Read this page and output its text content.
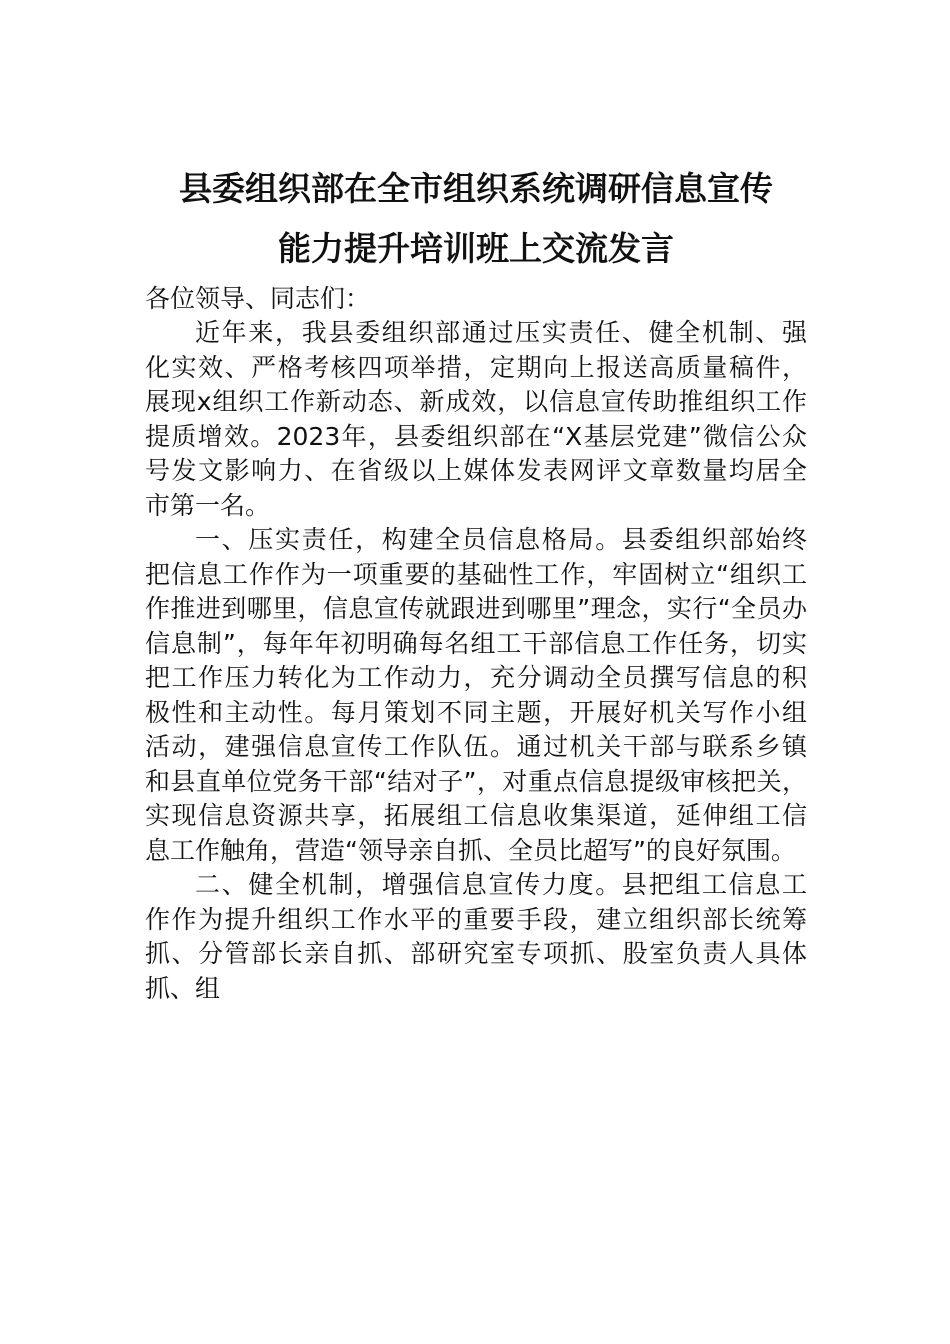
县委组织部在全市组织系统调研信息宣传
能力提升培训班上交流发言

各位领导、同志们：

近年来，我县委组织部通过压实责任、健全机制、强
化实效、严格考核四项举措，定期向上报送高质量稿件，
展现x组织工作新动态、新成效，以信息宣传助推组织工作
提质增效。2023年，县委组织部在“X基层党建”微信公众
号发文影响力、在省级以上媒体发表网评文章数量均居全
市第一名。
一、压实责任，构建全员信息格局。县委组织部始终
把信息工作作为一项重要的基础性工作，牢固树立“组织工
作推进到哪里，信息宣传就跟进到哪里”理念，实行“全员办
信息制”，每年年初明确每名组工干部信息工作任务，切实
把工作压力转化为工作动力，充分调动全员撰写信息的积
极性和主动性。每月策划不同主题，开展好机关写作小组
活动，建强信息宣传工作队伍。通过机关干部与联系乡镇
和县直单位党务干部“结对子”，对重点信息提级审核把关，
实现信息资源共享，拓展组工信息收集渠道，延伸组工信
息工作触角，营造“领导亲自抓、全员比超写”的良好氛围。
二、健全机制，增强信息宣传力度。县把组工信息工
作作为提升组织工作水平的重要手段，建立组织部长统筹
抓、分管部长亲自抓、部研究室专项抓、股室负责人具体
抓、组
